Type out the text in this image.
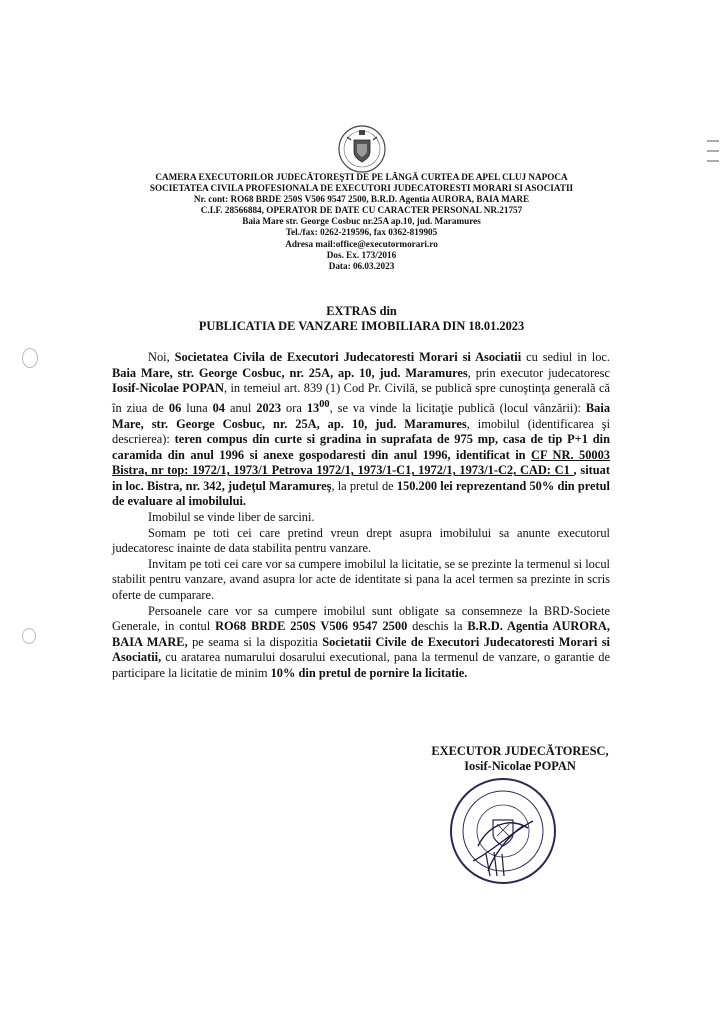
CAMERA EXECUTORILOR JUDECĂTOREŞTI DE PE LÂNGĂ CURTEA DE APEL CLUJ NAPOCA
SOCIETATEA CIVILA PROFESIONALA DE EXECUTORI JUDECATORESTI MORARI SI ASOCIATII
Nr. cont: RO68 BRDE 250S V506 9547 2500, B.R.D. Agentia AURORA, BAIA MARE
C.I.F. 28566884, OPERATOR DE DATE CU CARACTER PERSONAL NR.21757
Baia Mare str. George Cosbuc nr.25A ap.10, jud. Maramures
Tel./fax: 0262-219596, fax 0362-819905
Adresa mail:office@executormorari.ro
Dos. Ex. 173/2016
Data: 06.03.2023
EXTRAS din
PUBLICATIA DE VANZARE IMOBILIARA DIN 18.01.2023

Noi, Societatea Civila de Executori Judecatoresti Morari si Asociatii cu sediul in loc. Baia Mare, str. George Cosbuc, nr. 25A, ap. 10, jud. Maramures, prin executor judecatoresc Iosif-Nicolae POPAN, in temeiul art. 839 (1) Cod Pr. Civilă, se publică spre cunoştinţa generală că în ziua de 06 luna 04 anul 2023 ora $13^{00}$, se va vinde la licitaţie publică (locul vânzării): Baia Mare, str. George Cosbuc, nr. 25A, ap. 10, jud. Maramures, imobilul (identificarea şi descrierea): teren compus din curte si gradina in suprafata de 975 mp, casa de tip P+1 din caramida din anul 1996 si anexe gospodaresti din anul 1996, identificat in CF NR. 50003 Bistra, nr top: 1972/1, 1973/1 Petrova 1972/1, 1973/1-C1, 1972/1, 1973/1-C2, CAD: C1 , situat in loc. Bistra, nr. 342, judeţul Maramureş, la pretul de 150.200 lei reprezentand 50% din pretul de evaluare al imobilului.

Imobilul se vinde liber de sarcini.

Somam pe toti cei care pretind vreun drept asupra imobilului sa anunte executorul judecatoresc inainte de data stabilita pentru vanzare.

Invitam pe toti cei care vor sa cumpere imobilul la licitatie, se se prezinte la termenul si locul stabilit pentru vanzare, avand asupra lor acte de identitate si pana la acel termen sa prezinte in scris oferte de cumparare.

Persoanele care vor sa cumpere imobilul sunt obligate sa consemneze la BRD-Societe Generale, in contul RO68 BRDE 250S V506 9547 2500 deschis la B.R.D. Agentia AURORA, BAIA MARE, pe seama si la dispozitia Societatii Civile de Executori Judecatoresti Morari si Asociatii, cu aratarea numarului dosarului executional, pana la termenul de vanzare, o garantie de participare la licitatie de minim 10% din pretul de pornire la licitatie.

EXECUTOR JUDECĂTORESC,
Iosif-Nicolae POPAN
